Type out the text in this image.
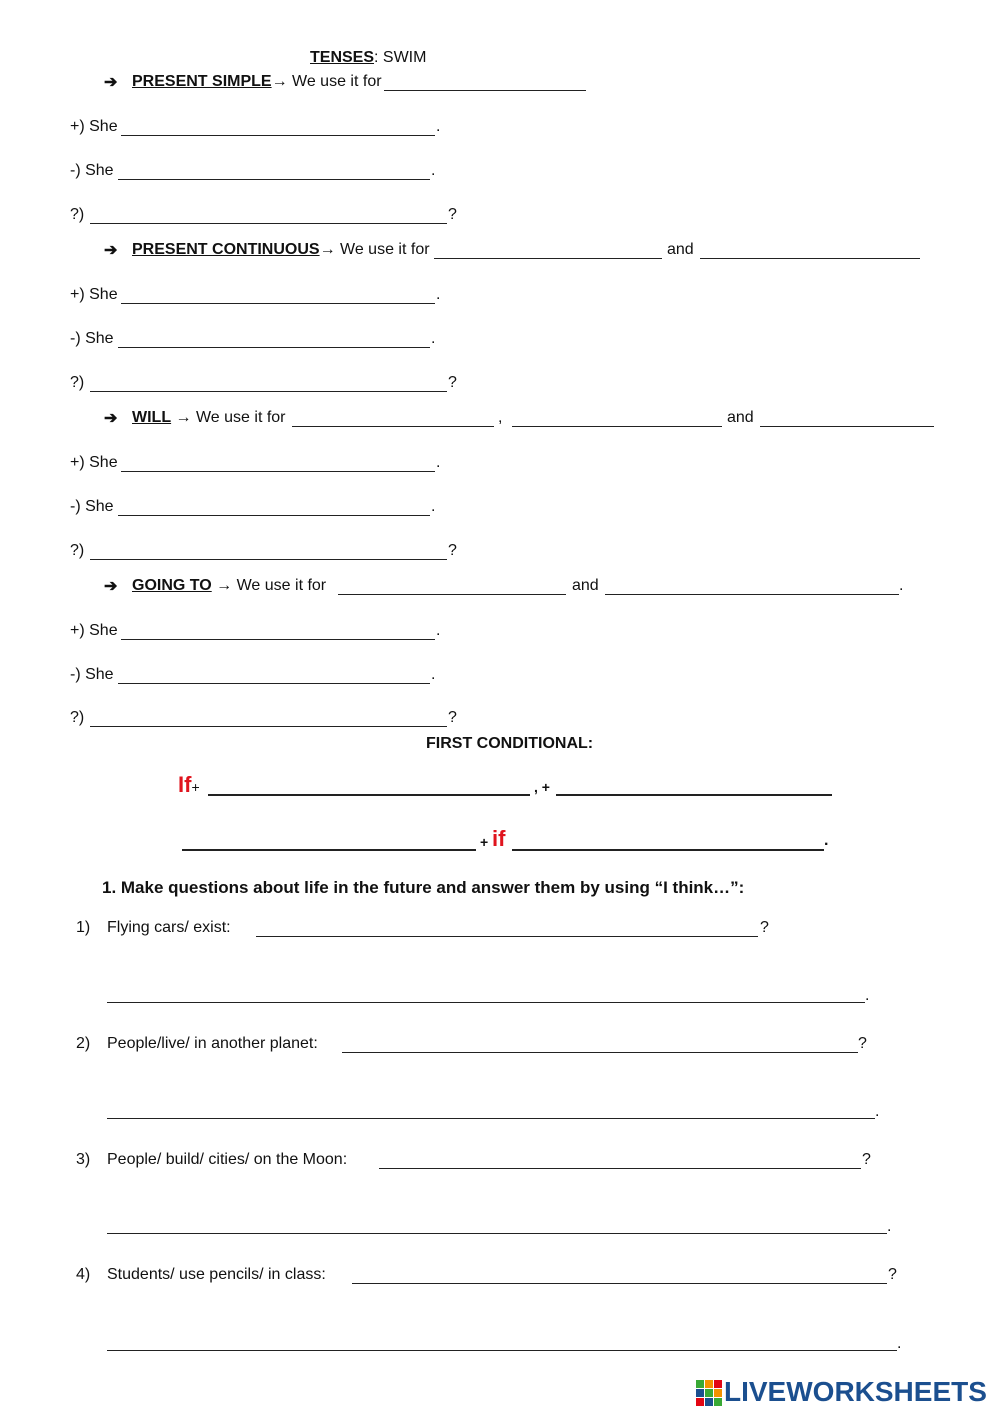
TENSES: SWIM
➔ PRESENT SIMPLE→ We use it for
+) She	.
-) She	.
?)	?
➔ PRESENT CONTINUOUS→ We use it for	and
+) She	.
-) She	.
?)	?
➔ WILL → We use it for	,	and
+) She	.
-) She	.
?)	?
➔ GOING TO → We use it for	and	.
+) She	.
-) She	.
?)	?
FIRST CONDITIONAL:
If+	, +
+ if	.
1. Make questions about life in the future and answer them by using “I think…”:
1) Flying cars/ exist:	?
.
2) People/live/ in another planet:	?
.
3) People/ build/ cities/ on the Moon:	?
.
4) Students/ use pencils/ in class:	?
.
LIVEWORKSHEETS
